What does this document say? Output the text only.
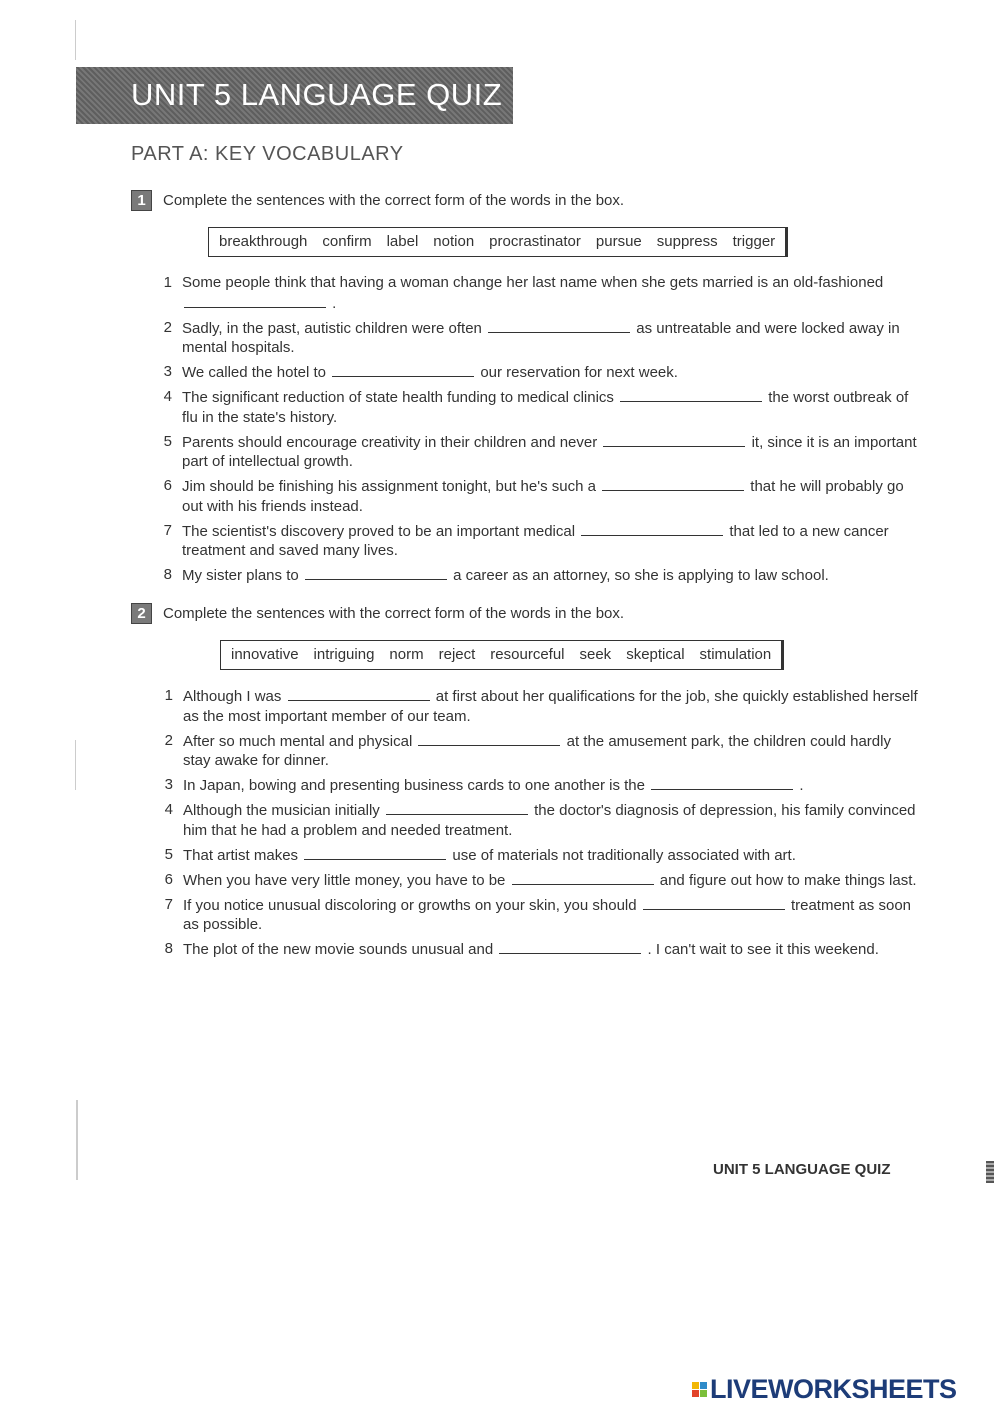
UNIT 5 LANGUAGE QUIZ
PART A: KEY VOCABULARY
1	Complete the sentences with the correct form of the words in the box.
breakthrough confirm label notion procrastinator pursue suppress trigger
1 Some people think that having a woman change her last name when she gets married is an old-fashioned  .
2 Sadly, in the past, autistic children were often	as untreatable and were locked away in mental hospitals.
3 We called the hotel to	our reservation for next week.
4 The significant reduction of state health funding to medical clinics	the worst outbreak of flu in the state's history.
5 Parents should encourage creativity in their children and never	it, since it is an important part of intellectual growth.
6 Jim should be finishing his assignment tonight, but he's such a	that he will probably go out with his friends instead.
7 The scientist's discovery proved to be an important medical	that led to a new cancer treatment and saved many lives.
8 My sister plans to	a career as an attorney, so she is applying to law school.
2	Complete the sentences with the correct form of the words in the box.
innovative intriguing norm reject resourceful seek skeptical stimulation
1 Although I was	at first about her qualifications for the job, she quickly established herself as the most important member of our team.
2 After so much mental and physical	at the amusement park, the children could hardly stay awake for dinner.
3 In Japan, bowing and presenting business cards to one another is the	.
4 Although the musician initially	the doctor's diagnosis of depression, his family convinced him that he had a problem and needed treatment.
5 That artist makes	use of materials not traditionally associated with art.
6 When you have very little money, you have to be	and figure out how to make things last.
7 If you notice unusual discoloring or growths on your skin, you should	treatment as soon as possible.
8 The plot of the new movie sounds unusual and	. I can't wait to see it this weekend.
UNIT 5 LANGUAGE QUIZ
LIVEWORKSHEETS
